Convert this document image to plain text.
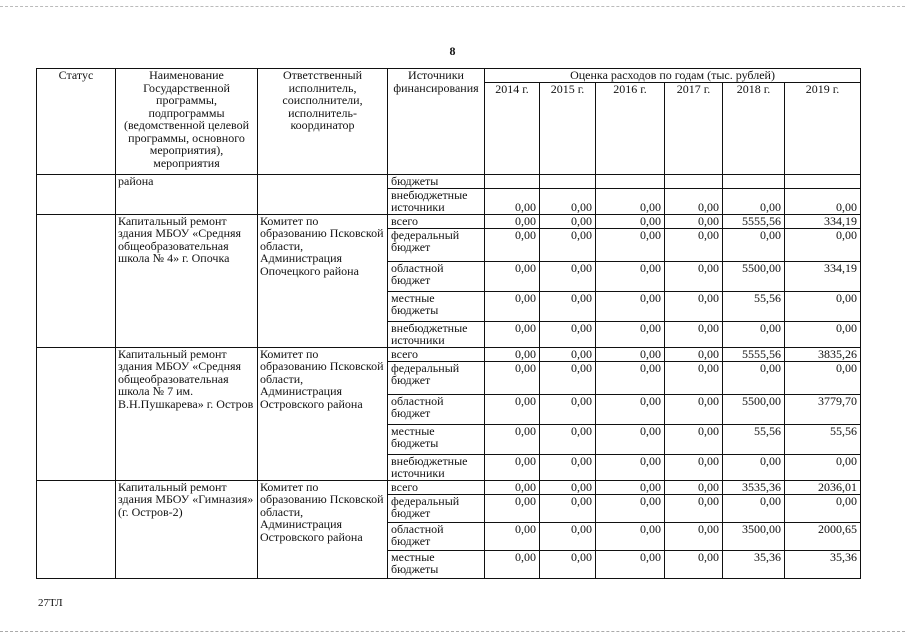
8
Статус	Наименование Государственной программы, подпрограммы (ведомственной целевой программы, основного мероприятия), мероприятия	Ответственный исполнитель, соисполнители, исполнитель-координатор	Источники финансирования	Оценка расходов по годам (тыс. рублей)					
				2014 г.	2015 г.	2016 г.	2017 г.	2018 г.	2019 г.
	района		бюджеты						
			внебюджетные источники	0,00	0,00	0,00	0,00	0,00	0,00
	Капитальный ремонт здания МБОУ «Средняя общеобразовательная школа № 4» г. Опочка	Комитет по образованию Псковской области, Администрация Опочецкого района	всего	0,00	0,00	0,00	0,00	5555,56	334,19
			федеральный бюджет	0,00	0,00	0,00	0,00	0,00	0,00
			областной бюджет	0,00	0,00	0,00	0,00	5500,00	334,19
			местные бюджеты	0,00	0,00	0,00	0,00	55,56	0,00
			внебюджетные источники	0,00	0,00	0,00	0,00	0,00	0,00
	Капитальный ремонт здания МБОУ «Средняя общеобразовательная школа № 7 им. В.Н.Пушкарева» г. Остров	Комитет по образованию Псковской области, Администрация Островского района	всего	0,00	0,00	0,00	0,00	5555,56	3835,26
			федеральный бюджет	0,00	0,00	0,00	0,00	0,00	0,00
			областной бюджет	0,00	0,00	0,00	0,00	5500,00	3779,70
			местные бюджеты	0,00	0,00	0,00	0,00	55,56	55,56
			внебюджетные источники	0,00	0,00	0,00	0,00	0,00	0,00
	Капитальный ремонт здания МБОУ «Гимназия» (г. Остров-2)	Комитет по образованию Псковской области, Администрация Островского района	всего	0,00	0,00	0,00	0,00	3535,36	2036,01
			федеральный бюджет	0,00	0,00	0,00	0,00	0,00	0,00
			областной бюджет	0,00	0,00	0,00	0,00	3500,00	2000,65
			местные бюджеты	0,00	0,00	0,00	0,00	35,36	35,36
27ТЛ
